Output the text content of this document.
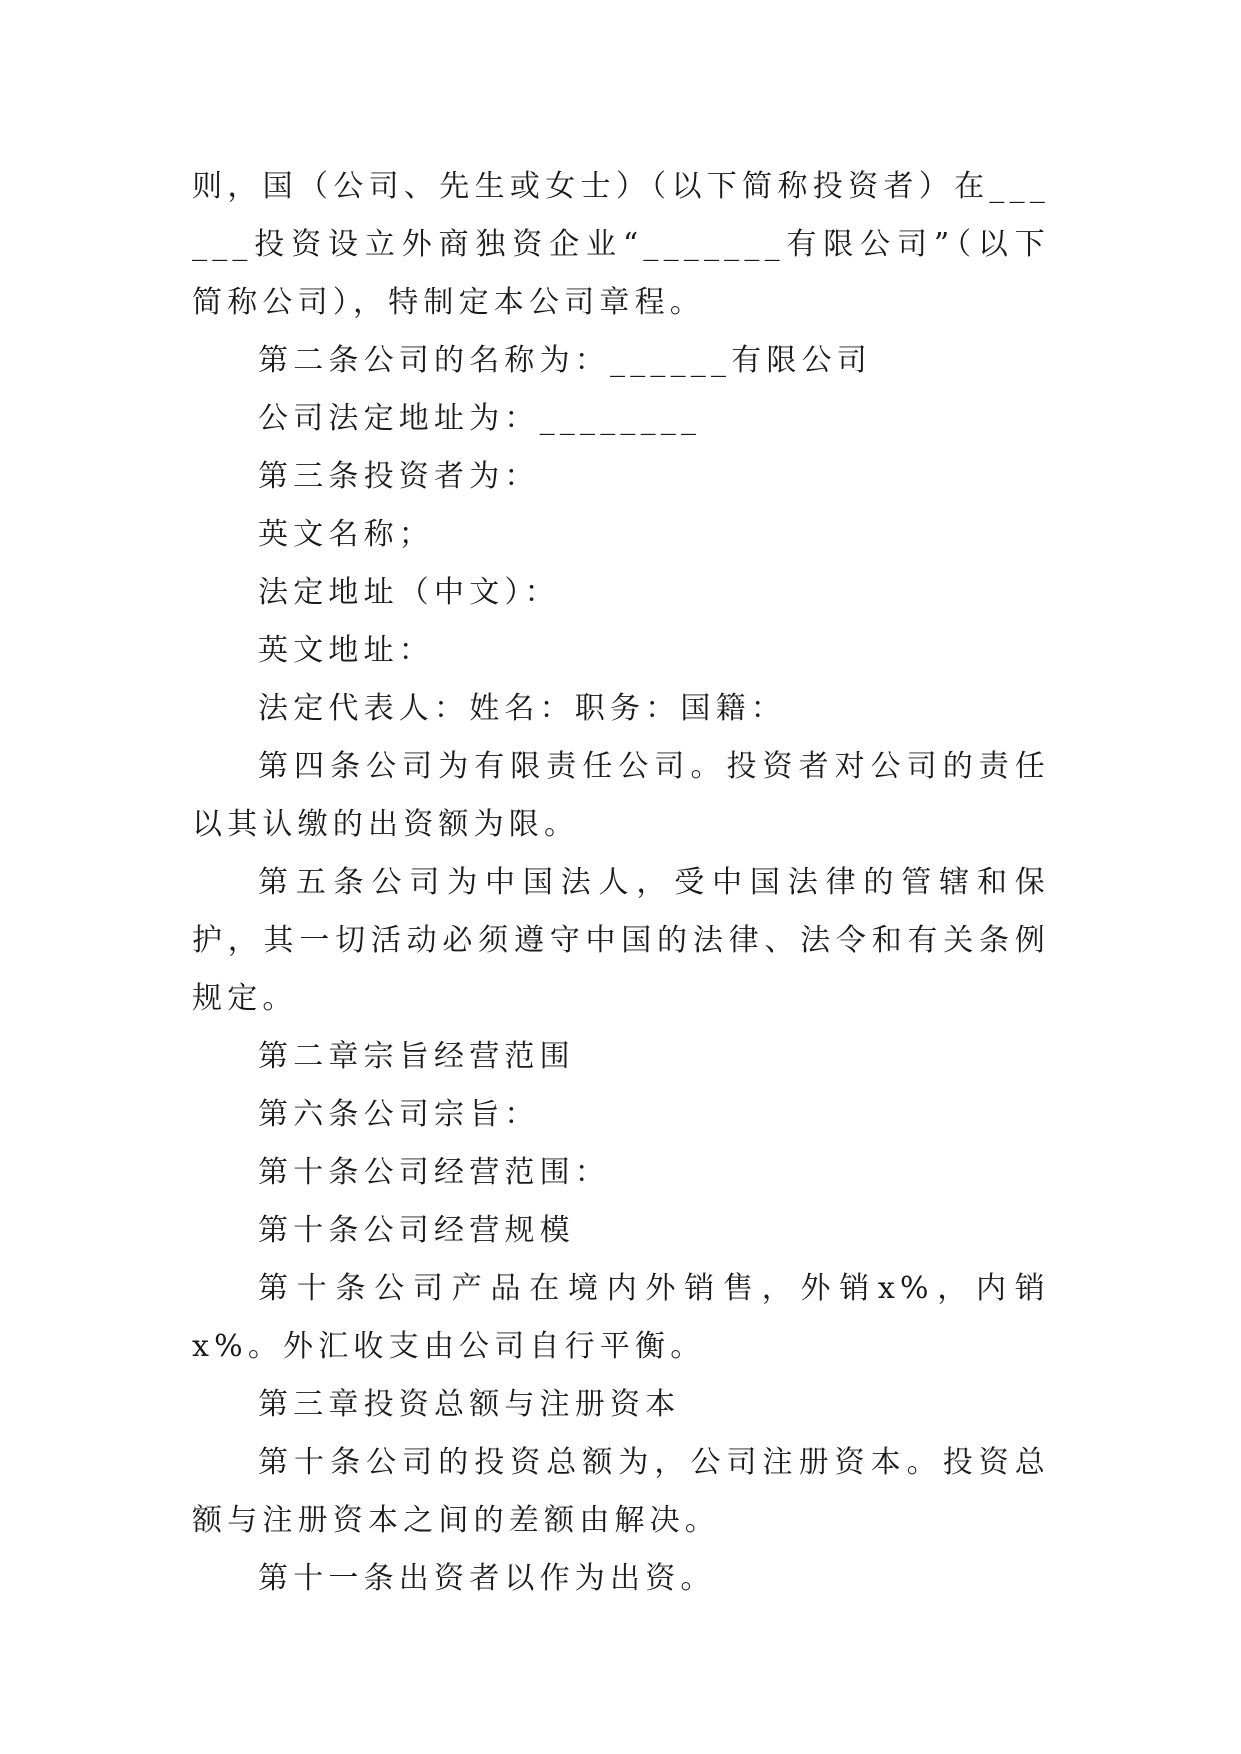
则，国（公司、先生或女士）（以下简称投资者）在______投资设立外商独资企业“_______有限公司”（以下简称公司），特制定本公司章程。

第二条公司的名称为：______有限公司

公司法定地址为：________

第三条投资者为：

英文名称；

法定地址（中文）：

英文地址：

法定代表人：姓名：职务：国籍：

第四条公司为有限责任公司。投资者对公司的责任以其认缴的出资额为限。

第五条公司为中国法人，受中国法律的管辖和保护，其一切活动必须遵守中国的法律、法令和有关条例规定。

第二章宗旨经营范围

第六条公司宗旨：

第十条公司经营范围：

第十条公司经营规模

第十条公司产品在境内外销售，外销x%，内销x%。外汇收支由公司自行平衡。

第三章投资总额与注册资本

第十条公司的投资总额为，公司注册资本。投资总额与注册资本之间的差额由解决。

第十一条出资者以作为出资。
